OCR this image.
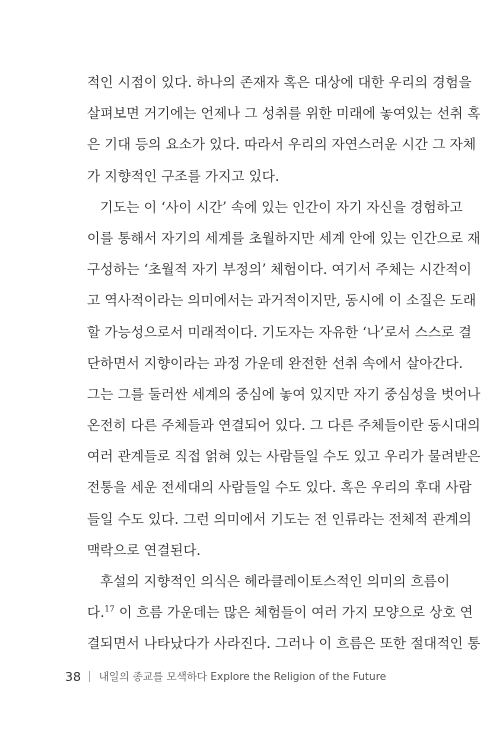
적인 시점이 있다. 하나의 존재자 혹은 대상에 대한 우리의 경험을
살펴보면 거기에는 언제나 그 성취를 위한 미래에 놓여있는 선취 혹
은 기대 등의 요소가 있다. 따라서 우리의 자연스러운 시간 그 자체
가 지향적인 구조를 가지고 있다.
기도는 이 ‘사이 시간’ 속에 있는 인간이 자기 자신을 경험하고
이를 통해서 자기의 세계를 초월하지만 세계 안에 있는 인간으로 재
구성하는 ‘초월적 자기 부정의’ 체험이다. 여기서 주체는 시간적이
고 역사적이라는 의미에서는 과거적이지만, 동시에 이 소질은 도래
할 가능성으로서 미래적이다. 기도자는 자유한 ‘나’로서 스스로 결
단하면서 지향이라는 과정 가운데 완전한 선취 속에서 살아간다.
그는 그를 둘러싼 세계의 중심에 놓여 있지만 자기 중심성을 벗어나
온전히 다른 주체들과 연결되어 있다. 그 다른 주체들이란 동시대의
여러 관계들로 직접 얽혀 있는 사람들일 수도 있고 우리가 물려받은
전통을 세운 전세대의 사람들일 수도 있다. 혹은 우리의 후대 사람
들일 수도 있다. 그런 의미에서 기도는 전 인류라는 전체적 관계의
맥락으로 연결된다.
후설의 지향적인 의식은 헤라클레이토스적인 의미의 흐름이
다.$^{17}$ 이 흐름 가운데는 많은 체험들이 여러 가지 모양으로 상호 연
결되면서 나타났다가 사라진다. 그러나 이 흐름은 또한 절대적인 통
38 내일의 종교를 모색하다 Explore the Religion of the Future
